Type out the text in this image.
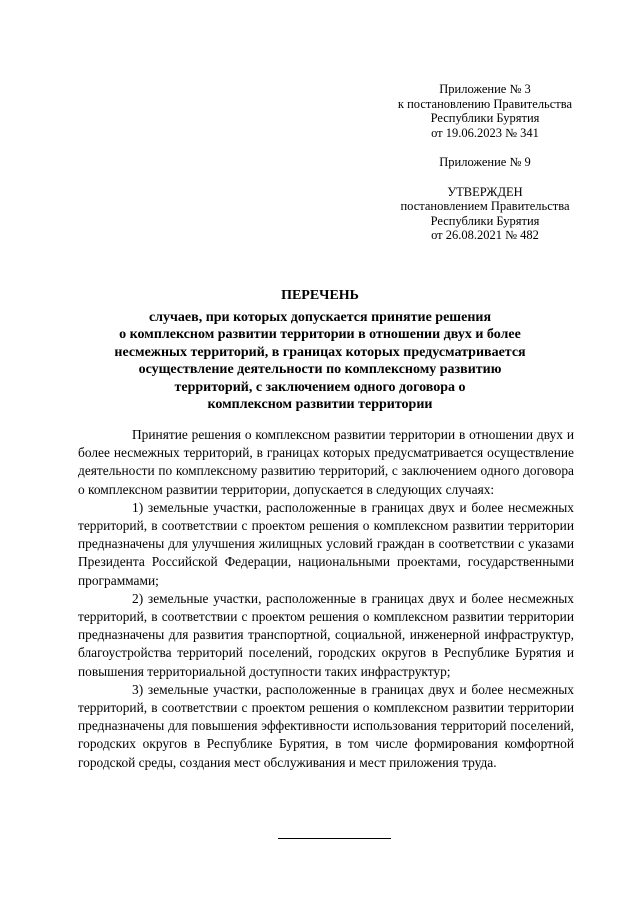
Приложение № 3
к постановлению Правительства
Республики Бурятия
от 19.06.2023 № 341
Приложение № 9
УТВЕРЖДЕН
постановлением Правительства
Республики Бурятия
от 26.08.2021 № 482
ПЕРЕЧЕНЬ
случаев, при которых допускается принятие решения
о комплексном развитии территории в отношении двух и более
несмежных территорий, в границах которых предусматривается
осуществление деятельности по комплексному развитию
территорий, с заключением одного договора о
комплексном развитии территории

Принятие решения о комплексном развитии территории в отношении двух и более несмежных территорий, в границах которых предусматривается осуществление деятельности по комплексному развитию территорий, с заключением одного договора о комплексном развитии территории, допускается в следующих случаях:

1) земельные участки, расположенные в границах двух и более несмежных территорий, в соответствии с проектом решения о комплексном развитии территории предназначены для улучшения жилищных условий граждан в соответствии с указами Президента Российской Федерации, национальными проектами, государственными программами;

2) земельные участки, расположенные в границах двух и более несмежных территорий, в соответствии с проектом решения о комплексном развитии территории предназначены для развития транспортной, социальной, инженерной инфраструктур, благоустройства территорий поселений, городских округов в Республике Бурятия и повышения территориальной доступности таких инфраструктур;

3) земельные участки, расположенные в границах двух и более несмежных территорий, в соответствии с проектом решения о комплексном развитии территории предназначены для повышения эффективности использования территорий поселений, городских округов в Республике Бурятия, в том числе формирования комфортной городской среды, создания мест обслуживания и мест приложения труда.
